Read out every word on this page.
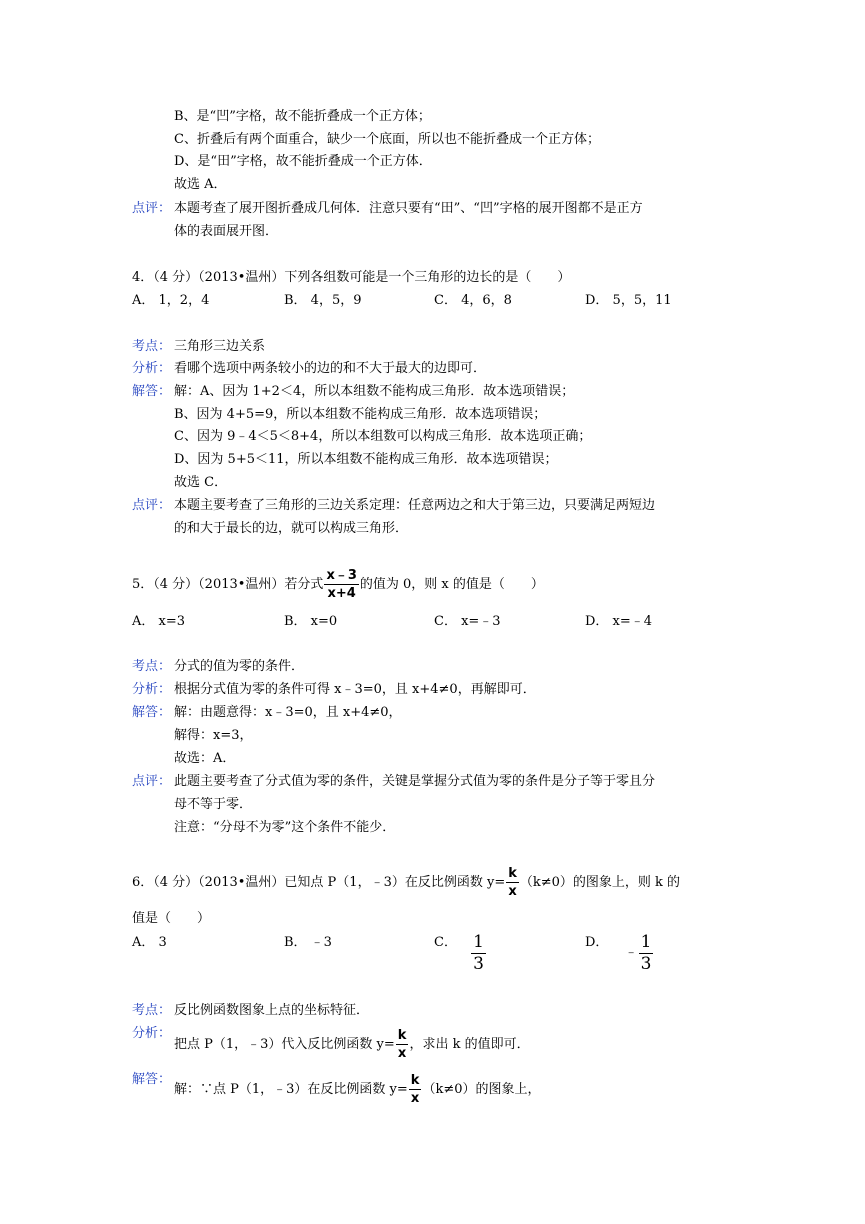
B、是“凹”字格，故不能折叠成一个正方体；
C、折叠后有两个面重合，缺少一个底面，所以也不能折叠成一个正方体；
D、是“田”字格，故不能折叠成一个正方体．
故选 A．
点评： 本题考查了展开图折叠成几何体．注意只要有“田”、“凹”字格的展开图都不是正方
体的表面展开图．
4．（4 分）（2013•温州）下列各组数可能是一个三角形的边长的是（　　）
A． 1，2，4	B． 4，5，9	C． 4，6，8	D． 5，5，11
考点： 三角形三边关系
分析： 看哪个选项中两条较小的边的和不大于最大的边即可．
解答： 解：A、因为 1+2＜4，所以本组数不能构成三角形．故本选项错误；
B、因为 4+5=9，所以本组数不能构成三角形．故本选项错误；
C、因为 9﹣4＜5＜8+4，所以本组数可以构成三角形．故本选项正确；
D、因为 5+5＜11，所以本组数不能构成三角形．故本选项错误；
故选 C．
点评： 本题主要考查了三角形的三边关系定理：任意两边之和大于第三边，只要满足两短边
的和大于最长的边，就可以构成三角形．
5．（4 分）（2013•温州）若分式 $\frac{x﹣3}{x+4}$ 的值为 0，则 x 的值是（　　）
A． x=3	B． x=0	C． x=﹣3	D． x=﹣4
考点： 分式的值为零的条件．
分析： 根据分式值为零的条件可得 x﹣3=0，且 x+4≠0，再解即可．
解答： 解：由题意得：x﹣3=0，且 x+4≠0，
解得：x=3，
故选：A．
点评： 此题主要考查了分式值为零的条件，关键是掌握分式值为零的条件是分子等于零且分
母不等于零．
注意：“分母不为零”这个条件不能少．
6．（4 分）（2013•温州）已知点 P（1，﹣3）在反比例函数 $y= \frac{k}{x} (k\ne 0)$的图象上，则 k 的
值是（　　）
A． 3	B． ﹣3	C． $\frac{1}{3}$	D． ﹣ $\frac{1}{3}$
考点： 反比例函数图象上点的坐标特征．
分析：
把点 P（1，﹣3）代入反比例函数 $y= \frac{k}{x}$ ，求出 k 的值即可．
解答：
解：∵点 P（1，﹣3）在反比例函数 $y= \frac{k}{x} (k\ne 0)$的图象上，
